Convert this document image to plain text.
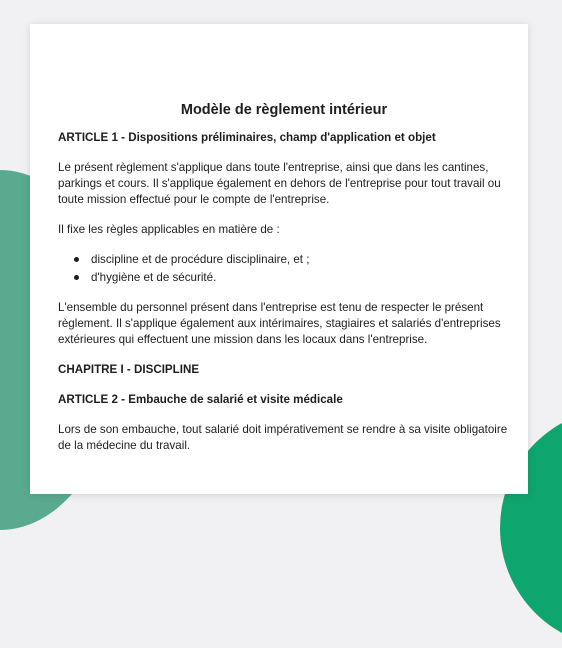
Modèle de règlement intérieur
ARTICLE 1 - Dispositions préliminaires, champ d'application et objet
Le présent règlement s'applique dans toute l'entreprise, ainsi que dans les cantines, parkings et cours. Il s'applique également en dehors de l'entreprise pour tout travail ou toute mission effectué pour le compte de l'entreprise.
Il fixe les règles applicables en matière de :
discipline et de procédure disciplinaire, et ;
d'hygiène et de sécurité.
L'ensemble du personnel présent dans l'entreprise est tenu de respecter le présent règlement. Il s'applique également aux intérimaires, stagiaires et salariés d'entreprises extérieures qui effectuent une mission dans les locaux dans l'entreprise.
CHAPITRE I - DISCIPLINE
ARTICLE 2 - Embauche de salarié et visite médicale
Lors de son embauche, tout salarié doit impérativement se rendre à sa visite obligatoire de la médecine du travail.
